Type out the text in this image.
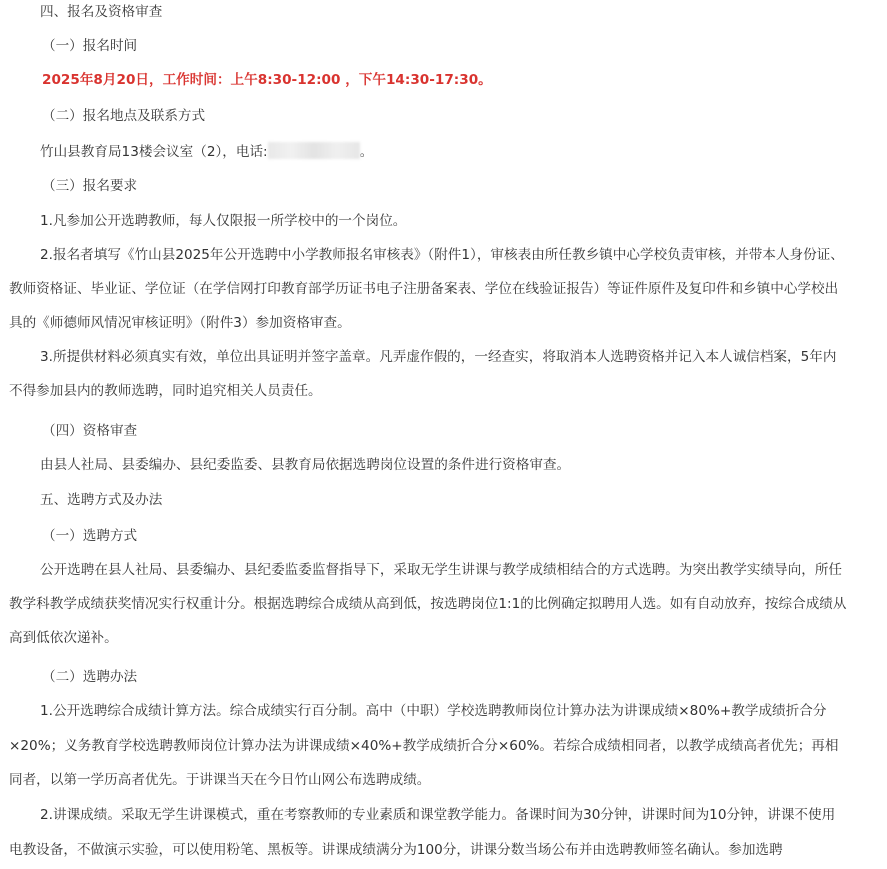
四、报名及资格审查

（一）报名时间

2025年8月20日，工作时间：上午8:30-12:00 ，下午14:30-17:30。

（二）报名地点及联系方式

竹山县教育局13楼会议室（2），电话:	。

（三）报名要求

1.凡参加公开选聘教师，每人仅限报一所学校中的一个岗位。

2.报名者填写《竹山县2025年公开选聘中小学教师报名审核表》（附件1），审核表由所任教乡镇中心学校负责审核，并带本人身份证、教师资格证、毕业证、学位证（在学信网打印教育部学历证书电子注册备案表、学位在线验证报告）等证件原件及复印件和乡镇中心学校出具的《师德师风情况审核证明》（附件3）参加资格审查。

3.所提供材料必须真实有效，单位出具证明并签字盖章。凡弄虚作假的，一经查实，将取消本人选聘资格并记入本人诚信档案，5年内不得参加县内的教师选聘，同时追究相关人员责任。

（四）资格审查

由县人社局、县委编办、县纪委监委、县教育局依据选聘岗位设置的条件进行资格审查。

五、选聘方式及办法

（一）选聘方式

公开选聘在县人社局、县委编办、县纪委监委监督指导下，采取无学生讲课与教学成绩相结合的方式选聘。为突出教学实绩导向，所任教学科教学成绩获奖情况实行权重计分。根据选聘综合成绩从高到低，按选聘岗位1:1的比例确定拟聘用人选。如有自动放弃，按综合成绩从高到低依次递补。

（二）选聘办法

1.公开选聘综合成绩计算方法。综合成绩实行百分制。高中（中职）学校选聘教师岗位计算办法为讲课成绩×80%+教学成绩折合分×20%；义务教育学校选聘教师岗位计算办法为讲课成绩×40%+教学成绩折合分×60%。若综合成绩相同者，以教学成绩高者优先；再相同者，以第一学历高者优先。于讲课当天在今日竹山网公布选聘成绩。

2.讲课成绩。采取无学生讲课模式，重在考察教师的专业素质和课堂教学能力。备课时间为30分钟，讲课时间为10分钟，讲课不使用电教设备，不做演示实验，可以使用粉笔、黑板等。讲课成绩满分为100分，讲课分数当场公布并由选聘教师签名确认。参加选聘
